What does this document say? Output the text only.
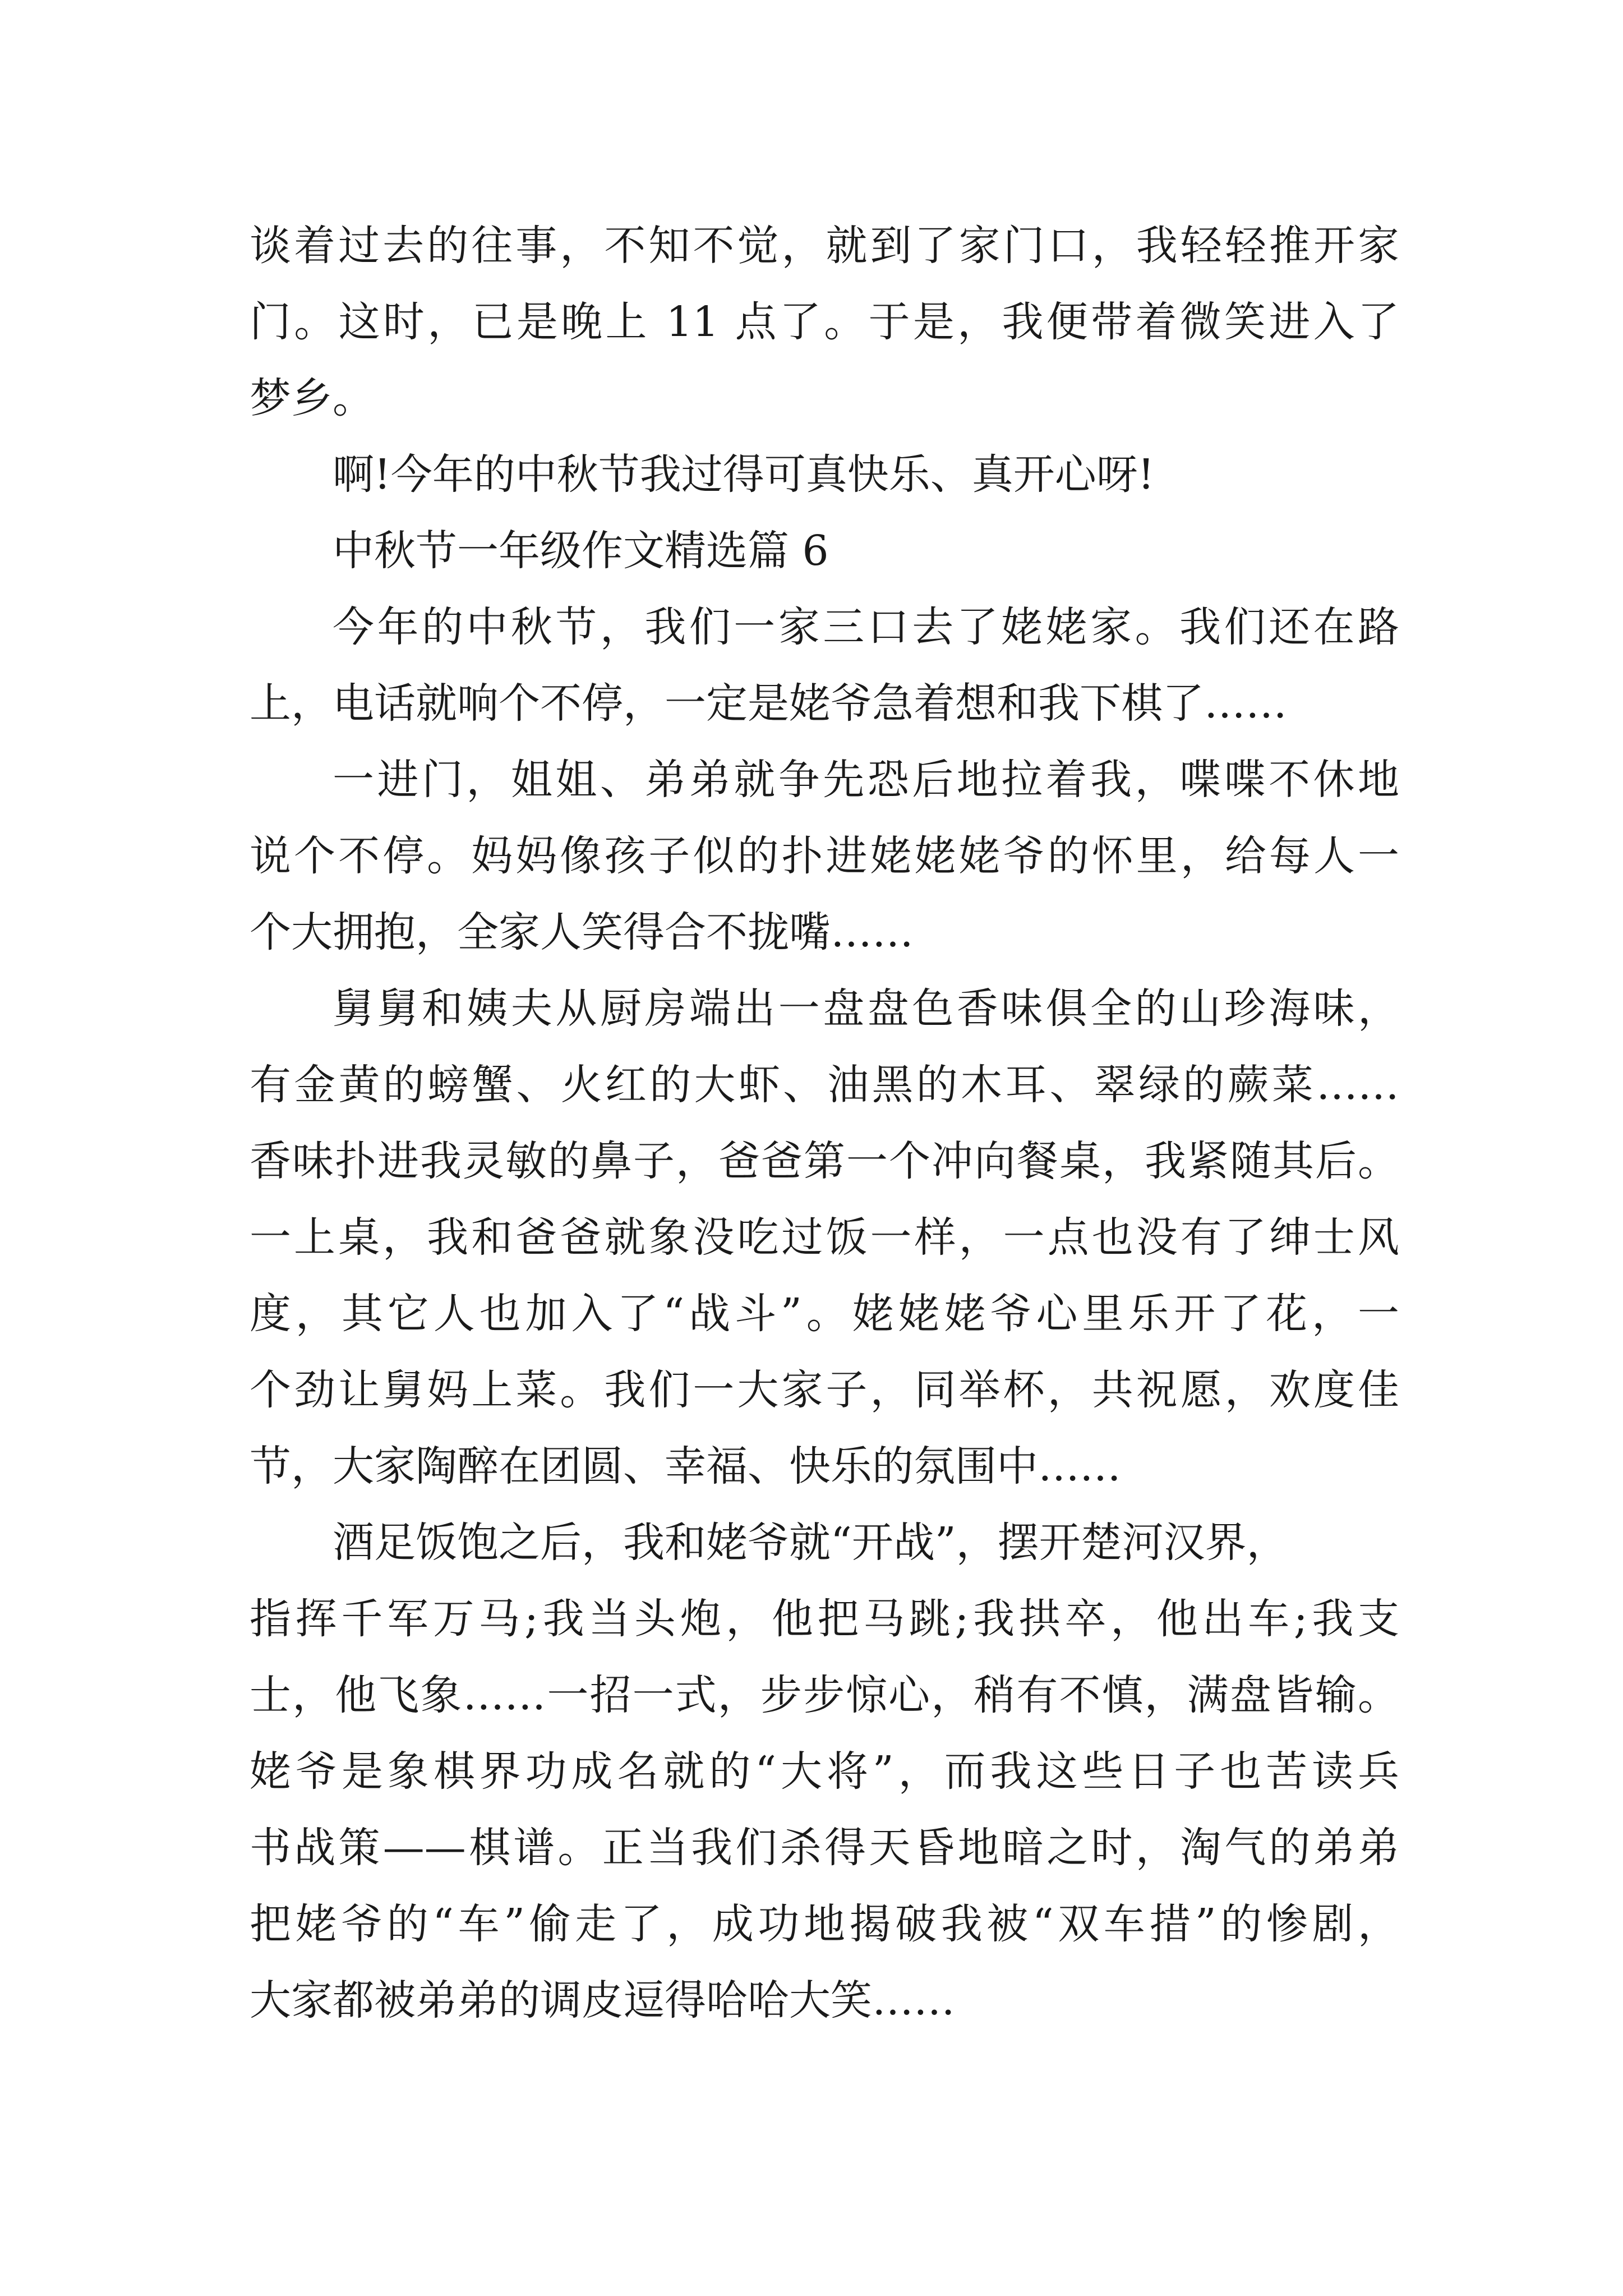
谈着过去的往事，不知不觉，就到了家门口，我轻轻推开家
门。这时，已是晚上 11 点了。于是，我便带着微笑进入了
梦乡。
啊!今年的中秋节我过得可真快乐、真开心呀!
中秋节一年级作文精选篇 6
今年的中秋节，我们一家三口去了姥姥家。我们还在路
上，电话就响个不停，一定是姥爷急着想和我下棋了……
一进门，姐姐、弟弟就争先恐后地拉着我，喋喋不休地
说个不停。妈妈像孩子似的扑进姥姥姥爷的怀里，给每人一
个大拥抱，全家人笑得合不拢嘴……
舅舅和姨夫从厨房端出一盘盘色香味俱全的山珍海味，
有金黄的螃蟹、火红的大虾、油黑的木耳、翠绿的蕨菜……
香味扑进我灵敏的鼻子，爸爸第一个冲向餐桌，我紧随其后。
一上桌，我和爸爸就象没吃过饭一样，一点也没有了绅士风
度，其它人也加入了“战斗”。姥姥姥爷心里乐开了花，一
个劲让舅妈上菜。我们一大家子，同举杯，共祝愿，欢度佳
节，大家陶醉在团圆、幸福、快乐的氛围中……
酒足饭饱之后，我和姥爷就“开战”，摆开楚河汉界，
指挥千军万马;我当头炮，他把马跳;我拱卒，他出车;我支
士，他飞象……一招一式，步步惊心，稍有不慎，满盘皆输。
姥爷是象棋界功成名就的“大将”，而我这些日子也苦读兵
书战策——棋谱。正当我们杀得天昏地暗之时，淘气的弟弟
把姥爷的“车”偷走了，成功地揭破我被“双车措”的惨剧，
大家都被弟弟的调皮逗得哈哈大笑……
